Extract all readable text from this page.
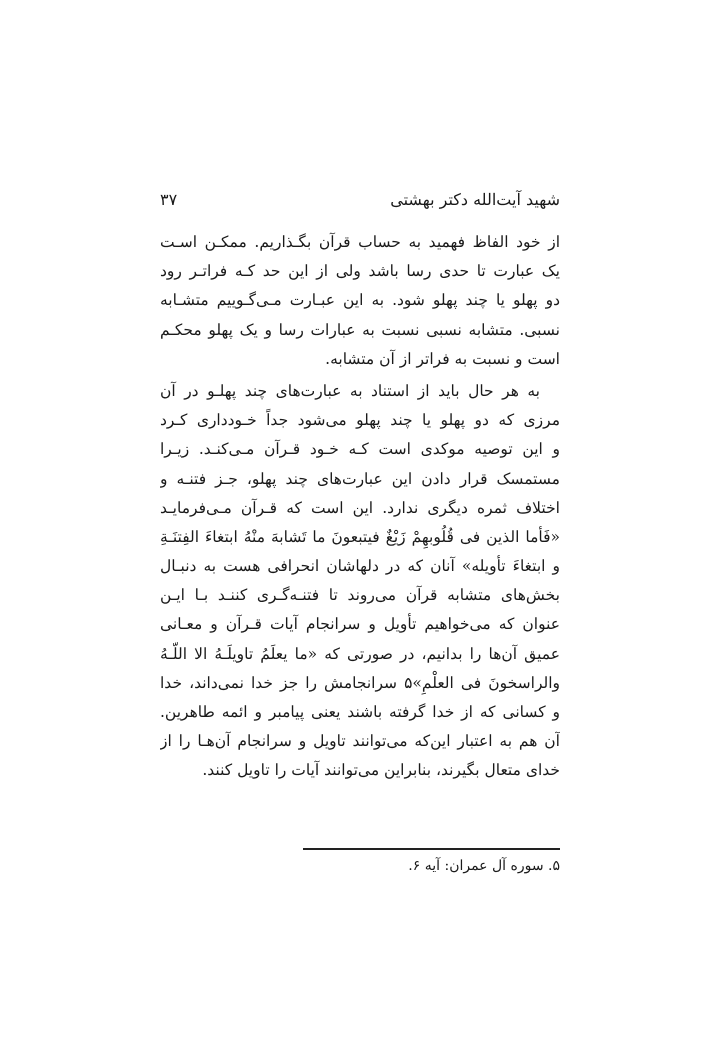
شهید آیت‌الله دکتر بهشتی
۳۷
از خود الفاظ فهمید به حساب قرآن بگـذاریم. ممکـن اسـت
یک عبارت تا حدی رسا باشد ولی از این حد کـه فراتـر رود
دو پهلو یا چند پهلو شود. به این عبـارت مـی‌گـوییم متشـابه
نسبی. متشابه نسبی نسبت به عبارات رسا و یک پهلو محکـم
است و نسبت به فراتر از آن متشابه.
به هر حال باید از استناد به عبارت‌های چند پهلـو در آن
مرزی که دو پهلو یا چند پهلو می‌شود جداً خـودداری کـرد
و این توصیه موکدی است کـه خـود قـرآن مـی‌کنـد. زیـرا
مستمسک قرار دادن این عبارت‌های چند پهلو، جـز فتنـه و
اختلاف ثمره دیگری ندارد. این است که قـرآن مـی‌فرمایـد
«فَأما الذین فی قُلُوبهِمْ زَیْغٌ فیتبعونَ ما تَشابهَ منْهُ ابتغاءَ الفِتنَـةِ
و ابتغاءَ تأویله» آنان که در دلهاشان انحرافی هست به دنبـال
بخش‌های متشابه قرآن می‌روند تا فتنـه‌گـری کننـد بـا ایـن
عنوان که می‌خواهیم تأویل و سرانجام آیات قـرآن و معـانی
عمیق آن‌ها را بدانیم، در صورتی که «ما یعلَمُ تاویلَـهُ الا اللّـهُ
والراسخونَ فی العلْمِ»۵ سرانجامش را جز خدا نمی‌داند، خدا
و کسانی که از خدا گرفته باشند یعنی پیامبر و ائمه طاهرین.
آن هم به اعتبار این‌که می‌توانند تاویل و سرانجام آن‌هـا را از
خدای متعال بگیرند، بنابراین می‌توانند آیات را تاویل کنند.
۵. سوره آل عمران: آیه ۶.
